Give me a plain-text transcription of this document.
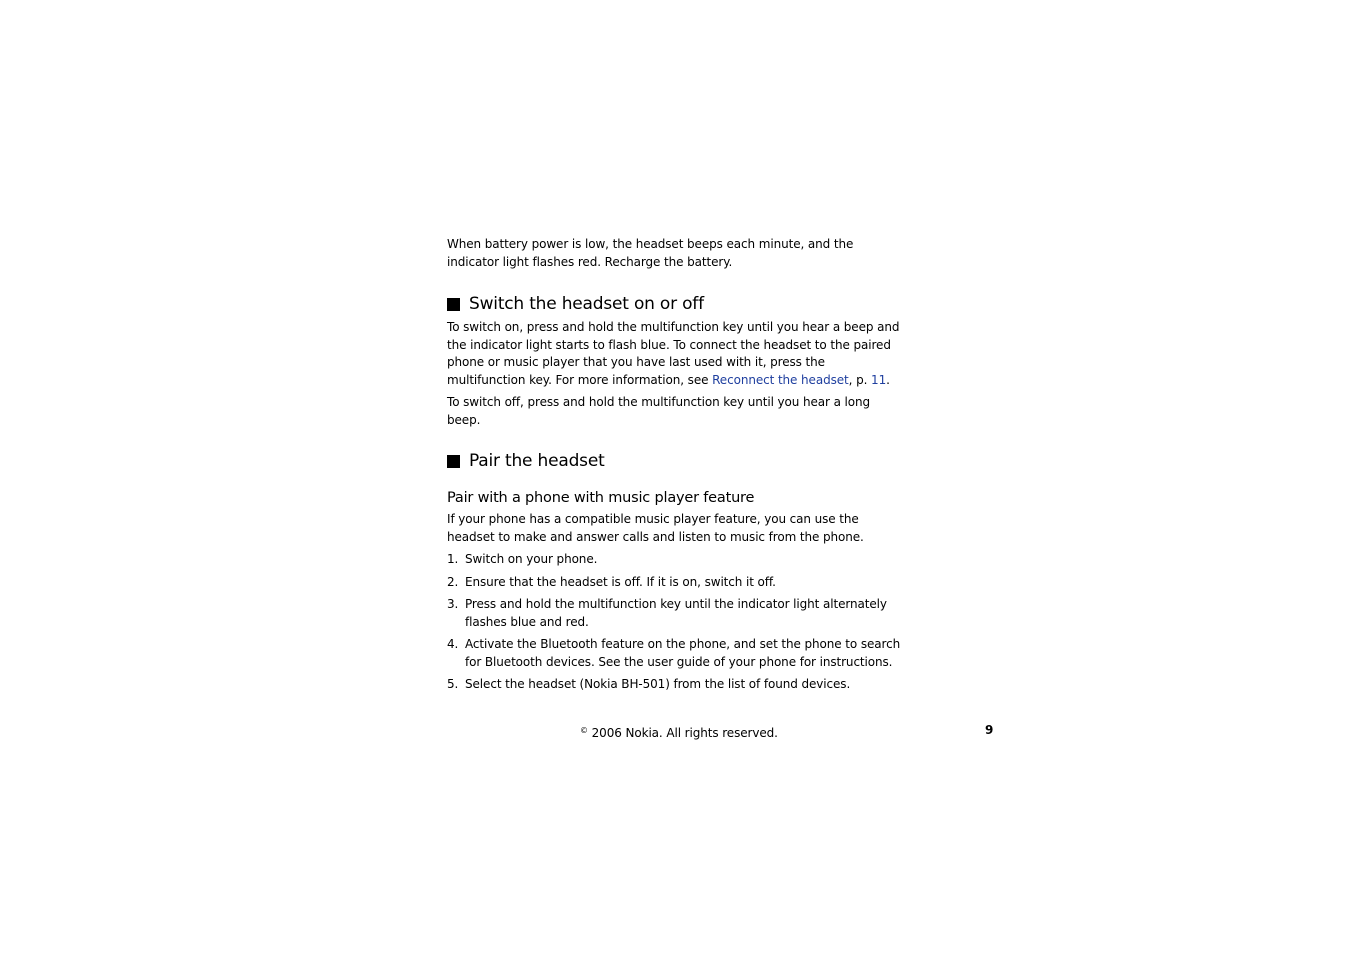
When battery power is low, the headset beeps each minute, and the indicator light flashes red. Recharge the battery.

Switch the headset on or off

To switch on, press and hold the multifunction key until you hear a beep and the indicator light starts to flash blue. To connect the headset to the paired phone or music player that you have last used with it, press the multifunction key. For more information, see Reconnect the headset, p. 11.

To switch off, press and hold the multifunction key until you hear a long beep.

Pair the headset
Pair with a phone with music player feature

If your phone has a compatible music player feature, you can use the headset to make and answer calls and listen to music from the phone.

1. Switch on your phone.
2. Ensure that the headset is off. If it is on, switch it off.
3. Press and hold the multifunction key until the indicator light alternately flashes blue and red.
4. Activate the Bluetooth feature on the phone, and set the phone to search for Bluetooth devices. See the user guide of your phone for instructions.
5. Select the headset (Nokia BH-501) from the list of found devices.
© 2006 Nokia. All rights reserved.	9
